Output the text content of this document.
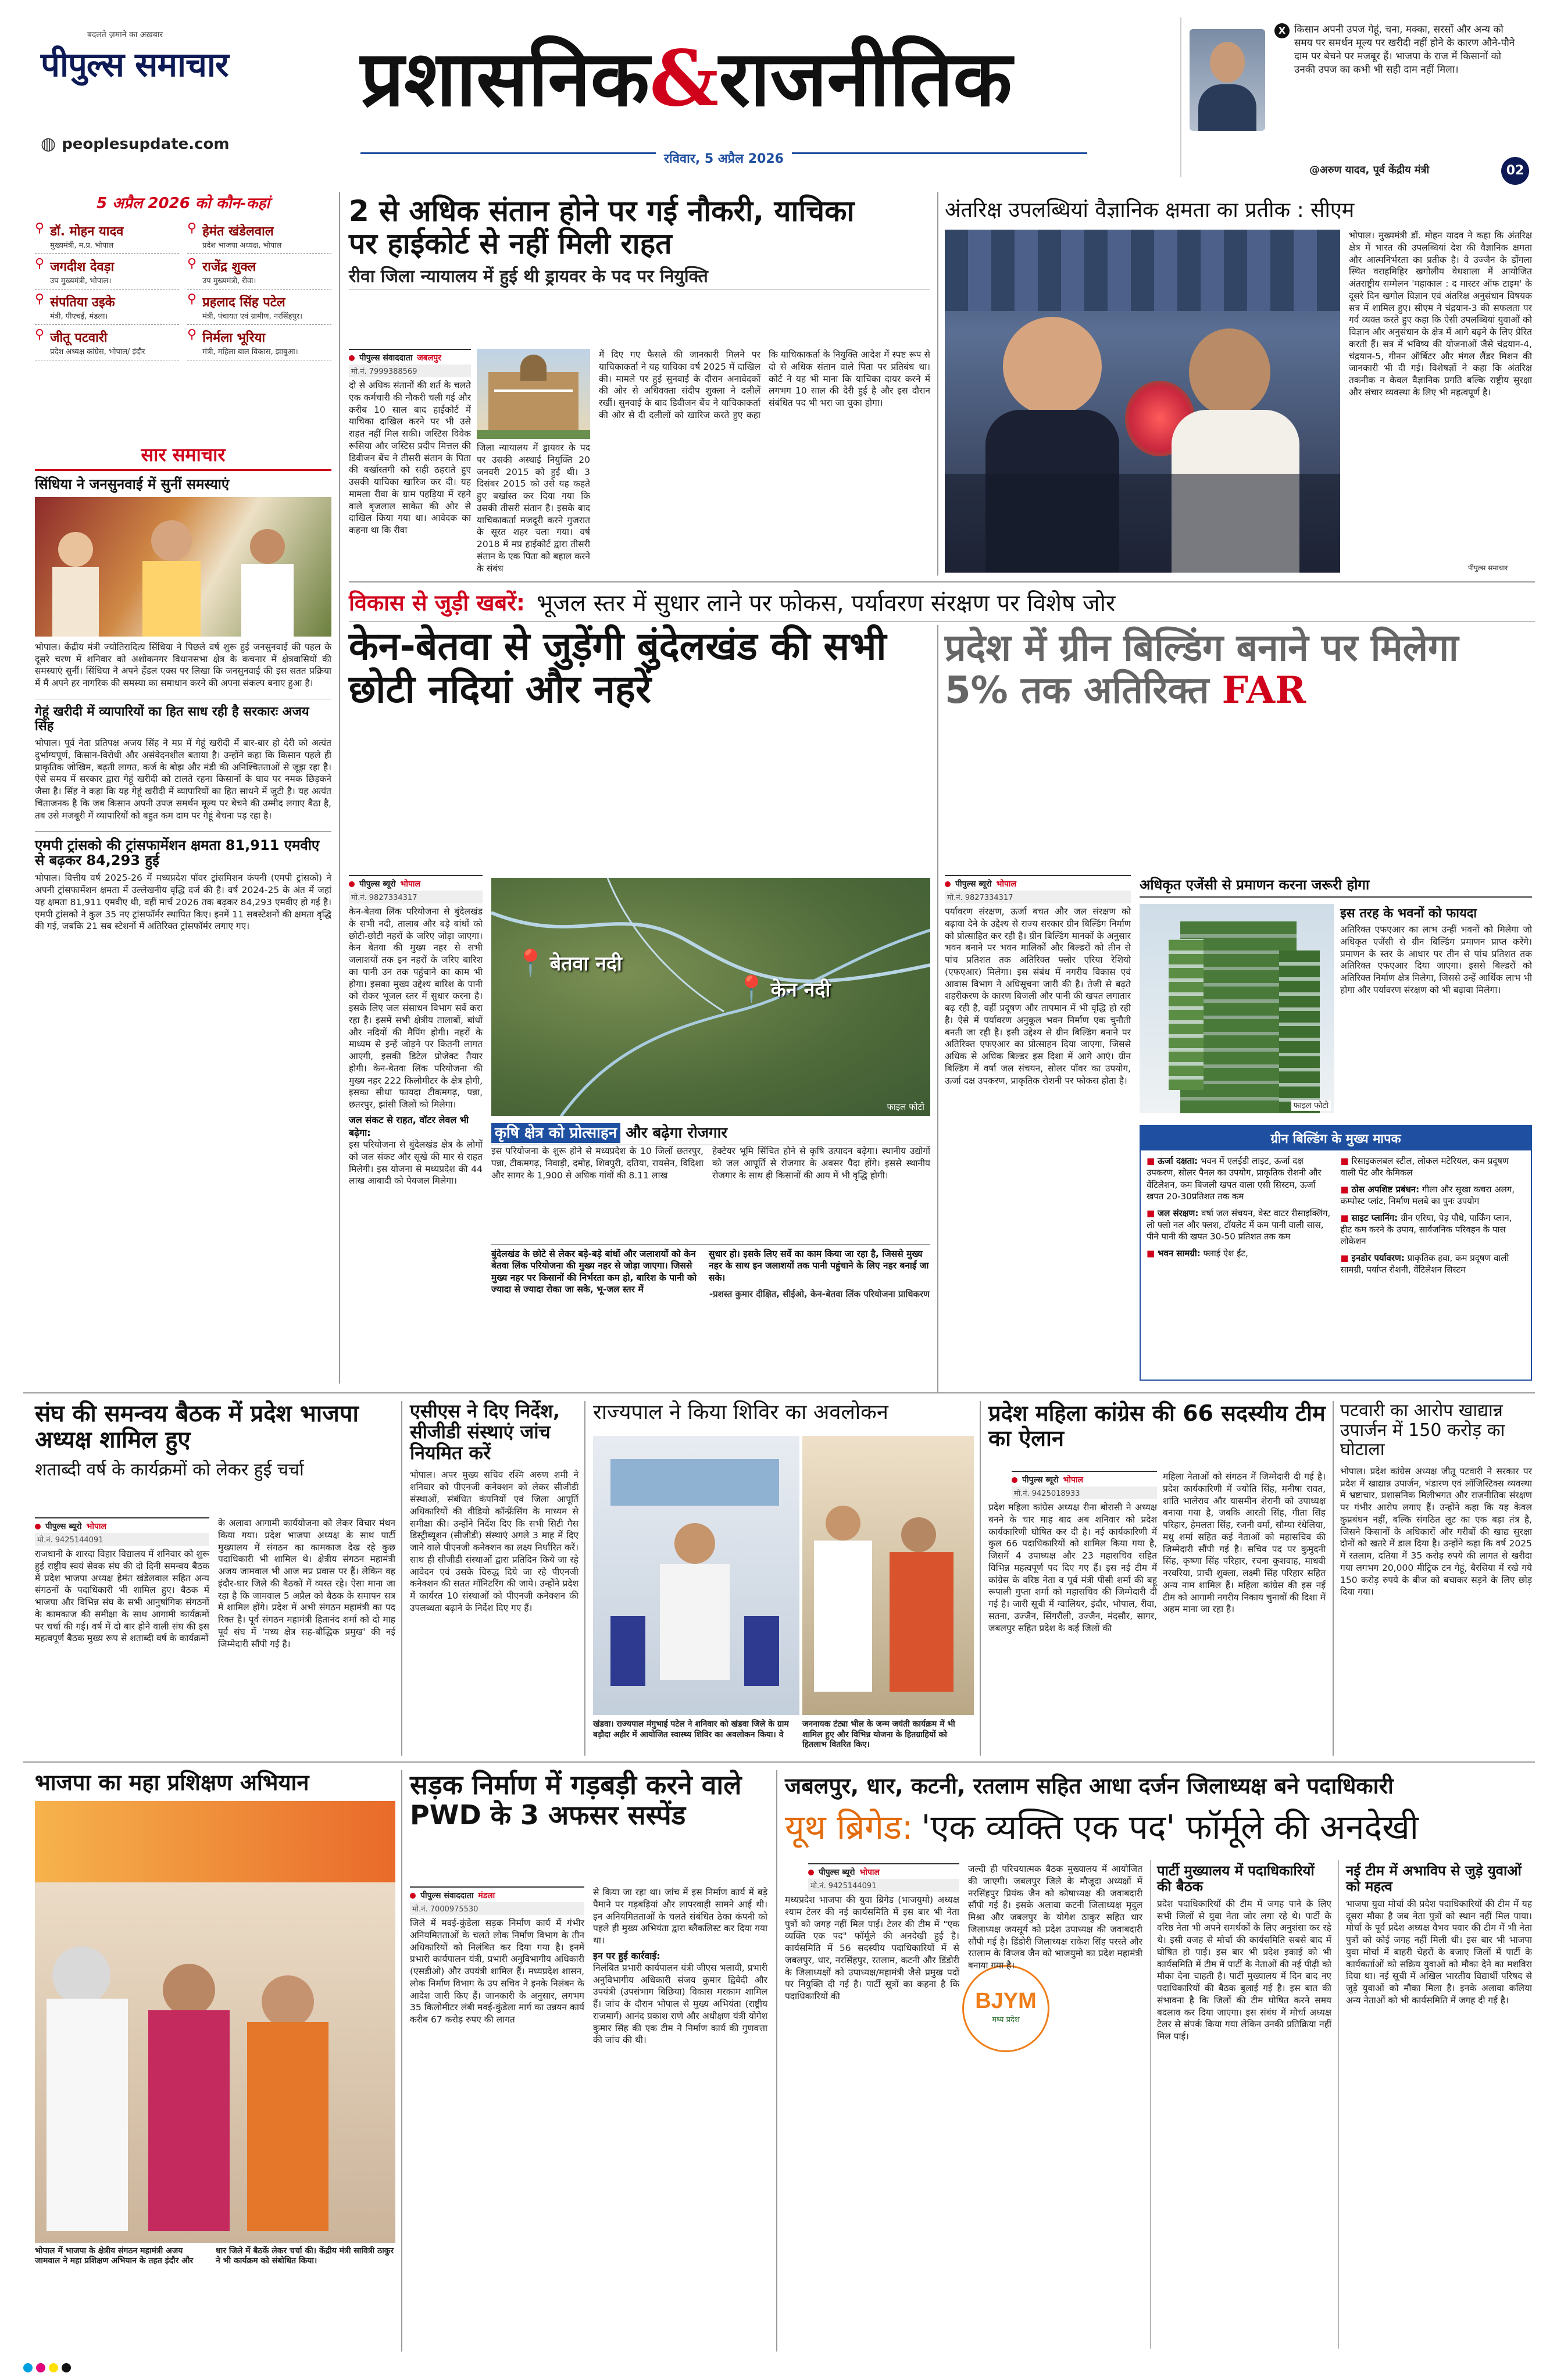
बदलते ज़माने का अख़बार
पीपुल्स समाचार
◍ peoplesupdate.com
प्रशासनिक&राजनीतिक
रविवार, 5 अप्रैल 2026
X किसान अपनी उपज गेहूं, चना, मक्का, सरसों और अन्य को समय पर समर्थन मूल्य पर खरीदी नहीं होने के कारण औने-पौने दाम पर बेचने पर मजबूर हैं। भाजपा के राज में किसानों को उनकी उपज का कभी भी सही दाम नहीं मिला।
@अरुण यादव, पूर्व केंद्रीय मंत्री	02
5 अप्रैल 2026 को कौन-कहां
⚲ डॉ. मोहन यादव
मुख्यमंत्री, म.प्र. भोपाल
⚲ हेमंत खंडेलवाल
प्रदेश भाजपा अध्यक्ष, भोपाल
⚲ जगदीश देवड़ा
उप मुख्यमंत्री, भोपाल।
⚲ राजेंद्र शुक्ल
उप मुख्यमंत्री, रीवा।
⚲ संपतिया उइके
मंत्री, पीएचई, मंडला।
⚲ प्रहलाद सिंह पटेल
मंत्री, पंचायत एवं ग्रामीण, नरसिंहपुर।
⚲ जीतू पटवारी
प्रदेश अध्यक्ष कांग्रेस, भोपाल/ इंदौर
⚲ निर्मला भूरिया
मंत्री, महिला बाल विकास, झाबुआ।
सार समाचार
सिंधिया ने जनसुनवाई में सुनीं समस्याएं
भोपाल। केंद्रीय मंत्री ज्योतिरादित्य सिंधिया ने पिछले वर्ष शुरू हुई जनसुनवाई की पहल के दूसरे चरण में शनिवार को अशोकनगर विधानसभा क्षेत्र के कचनार में क्षेत्रवासियों की समस्याएं सुनीं। सिंधिया ने अपने हेंडल एक्स पर लिखा कि जनसुनवाई की इस सतत प्रक्रिया में मैं अपने हर नागरिक की समस्या का समाधान करने की अपना संकल्प बनाए हुआ है।
गेहूं खरीदी में व्यापारियों का हित साध रही है सरकारः अजय सिंह
भोपाल। पूर्व नेता प्रतिपक्ष अजय सिंह ने मप्र में गेहूं खरीदी में बार-बार हो देरी को अत्यंत दुर्भाग्यपूर्ण, किसान-विरोधी और असंवेदनशील बताया है। उन्होंने कहा कि किसान पहले ही प्राकृतिक जोखिम, बढ़ती लागत, कर्ज के बोझ और मंडी की अनिश्चितताओं से जूझ रहा है। ऐसे समय में सरकार द्वारा गेहूं खरीदी को टालते रहना किसानों के घाव पर नमक छिड़कने जैसा है। सिंह ने कहा कि यह गेहूं खरीदी में व्यापारियों का हित साधने में जुटी है। यह अत्यंत चिंताजनक है कि जब किसान अपनी उपज समर्थन मूल्य पर बेचने की उम्मीद लगाए बैठा है, तब उसे मजबूरी में व्यापारियों को बहुत कम दाम पर गेहूं बेचना पड़ रहा है।
एमपी ट्रांसको की ट्रांसफार्मेशन क्षमता 81,911 एमवीए से बढ़कर 84,293 हुई
भोपाल। वित्तीय वर्ष 2025-26 में मध्यप्रदेश पॉवर ट्रांसमिशन कंपनी (एमपी ट्रांसको) ने अपनी ट्रांसफार्मेशन क्षमता में उल्लेखनीय वृद्धि दर्ज की है। वर्ष 2024-25 के अंत में जहां यह क्षमता 81,911 एमवीए थी, वहीं मार्च 2026 तक बढ़कर 84,293 एमवीए हो गई है। एमपी ट्रांसको ने कुल 35 नए ट्रांसफॉर्मर स्थापित किए। इनमें 11 सबस्टेशनों की क्षमता वृद्धि की गई, जबकि 21 सब स्टेशनों में अतिरिक्त ट्रांसफॉर्मर लगाए गए।
2 से अधिक संतान होने पर गई नौकरी, याचिका पर हाईकोर्ट से नहीं मिली राहत
रीवा जिला न्यायालय में हुई थी ड्रायवर के पद पर नियुक्ति
पीपुल्स संवाददाता जबलपुर
मो.नं. 7999388569
दो से अधिक संतानों की शर्त के चलते एक कर्मचारी की नौकरी चली गई और करीब 10 साल बाद हाईकोर्ट में याचिका दाखिल करने पर भी उसे राहत नहीं मिल सकी। जस्टिस विवेक रूसिया और जस्टिस प्रदीप मित्तल की डिवीजन बेंच ने तीसरी संतान के पिता की बर्खास्तगी को सही ठहराते हुए उसकी याचिका खारिज कर दी। यह मामला रीवा के ग्राम पहड़िया में रहने वाले बृजलाल साकेत की ओर से दाखिल किया गया था। आवेदक का कहना था कि रीवा
जिला न्यायालय में ड्रायवर के पद पर उसकी अस्थाई नियुक्ति 20 जनवरी 2015 को हुई थी। 3 दिसंबर 2015 को उसे यह कहते हुए बर्खास्त कर दिया गया कि उसकी तीसरी संतान है। इसके बाद याचिकाकर्ता मजदूरी करने गुजरात के सूरत शहर चला गया। वर्ष 2018 में मप्र हाईकोर्ट द्वारा तीसरी संतान के एक पिता को बहाल करने के संबंध
में दिए गए फैसले की जानकारी मिलने पर याचिकाकर्ता ने यह याचिका वर्ष 2025 में दाखिल की। मामले पर हुई सुनवाई के दौरान अनावेदकों की ओर से अधिवक्ता संदीप शुक्ला ने दलीलें रखीं। सुनवाई के बाद डिवीजन बेंच ने याचिकाकर्ता की ओर से दी दलीलों को खारिज करते हुए कहा कि याचिकाकर्ता के नियुक्ति आदेश में स्पष्ट रूप से दो से अधिक संतान वाले पिता पर प्रतिबंध था। कोर्ट ने यह भी माना कि याचिका दायर करने में लगभग 10 साल की देरी हुई है और इस दौरान संबंधित पद भी भरा जा चुका होगा।
अंतरिक्ष उपलब्धियां वैज्ञानिक क्षमता का प्रतीक : सीएम
भोपाल। मुख्यमंत्री डॉ. मोहन यादव ने कहा कि अंतरिक्ष क्षेत्र में भारत की उपलब्धियां देश की वैज्ञानिक क्षमता और आत्मनिर्भरता का प्रतीक है। वे उज्जैन के डोंगला स्थित वराहमिहिर खगोलीय वेधशाला में आयोजित अंतराष्ट्रीय सम्मेलन 'महाकाल : द मास्टर ऑफ टाइम' के दूसरे दिन खगोल विज्ञान एवं अंतरिक्ष अनुसंधान विषयक सत्र में शामिल हुए। सीएम ने चंद्रयान-3 की सफलता पर गर्व व्यक्त करते हुए कहा कि ऐसी उपलब्धियां युवाओं को विज्ञान और अनुसंधान के क्षेत्र में आगे बढ़ने के लिए प्रेरित करती हैं। सत्र में भविष्य की योजनाओं जैसे चंद्रयान-4, चंद्रयान-5, गीनन ऑर्बिटर और मंगल लैंडर मिशन की जानकारी भी दी गई। विशेषज्ञों ने कहा कि अंतरिक्ष तकनीक न केवल वैज्ञानिक प्रगति बल्कि राष्ट्रीय सुरक्षा और संचार व्यवस्था के लिए भी महत्वपूर्ण है।
पीपुल्स समाचार
विकास से जुड़ी खबरें: भूजल स्तर में सुधार लाने पर फोकस, पर्यावरण संरक्षण पर विशेष जोर
केन-बेतवा से जुड़ेंगी बुंदेलखंड की सभी छोटी नदियां और नहरें
पीपुल्स ब्यूरो भोपाल
मो.नं. 9827334317
केन-बेतवा लिंक परियोजना से बुंदेलखंड के सभी नदी, तालाब और बड़े बांधों को छोटी-छोटी नहरों के जरिए जोड़ा जाएगा। केन बेतवा की मुख्य नहर से सभी जलाशयों तक इन नहरों के जरिए बारिश का पानी उन तक पहुंचाने का काम भी होगा। इसका मुख्य उद्देश्य बारिश के पानी को रोकर भूजल स्तर में सुधार करना है। इसके लिए जल संसाधन विभाग सर्वे करा रहा है। इसमें सभी क्षेत्रीय तालाबों, बांधों और नदियों की मैपिंग होगी। नहरों के माध्यम से इन्हें जोड़ने पर कितनी लागत आएगी, इसकी डिटेल प्रोजेक्ट तैयार होगी। केन-बेतवा लिंक परियोजना की मुख्य नहर 222 किलोमीटर के क्षेत्र होगी, इसका सीधा फायदा टीकमगढ़, पन्ना, छतरपुर, झांसी जिलों को मिलेगा।
जल संकट से राहत, वॉटर लेवल भी बढ़ेगा:
इस परियोजना से बुंदेलखंड क्षेत्र के लोगों को जल संकट और सूखे की मार से राहत मिलेगी। इस योजना से मध्यप्रदेश की 44 लाख आबादी को पेयजल मिलेगा।
📍 बेतवा नदी
📍 केन नदी
फाइल फोटो
कृषि क्षेत्र को प्रोत्साहन और बढ़ेगा रोजगार
इस परियोजना के शुरू होने से मध्यप्रदेश के 10 जिलों छतरपुर, पन्ना, टीकमगढ़, निवाड़ी, दमोह, शिवपुरी, दतिया, रायसेन, विदिशा और सागर के 1,900 से अधिक गांवों की 8.11 लाख
हेक्टेयर भूमि सिंचित होने से कृषि उत्पादन बढ़ेगा। स्थानीय उद्योगों को जल आपूर्ति से रोजगार के अवसर पैदा होंगे। इससे स्थानीय रोजगार के साथ ही किसानों की आय में भी वृद्धि होगी।
बुंदेलखंड के छोटे से लेकर बड़े-बड़े बांधों और जलाशयों को केन बेतवा लिंक परियोजना की मुख्य नहर से जोड़ा जाएगा। जिससे मुख्य नहर पर किसानों की निर्भरता कम हो, बारिश के पानी को ज्यादा से ज्यादा रोका जा सके, भू-जल स्तर में
सुधार हो। इसके लिए सर्वे का काम किया जा रहा है, जिससे मुख्य नहर के साथ इन जलाशयों तक पानी पहुंचाने के लिए नहर बनाई जा सके।
-प्रशस्त कुमार दीक्षित, सीईओ, केन-बेतवा लिंक परियोजना प्राधिकरण
प्रदेश में ग्रीन बिल्डिंग बनाने पर मिलेगा 5% तक अतिरिक्त FAR
पीपुल्स ब्यूरो भोपाल
मो.नं. 9827334317
पर्यावरण संरक्षण, ऊर्जा बचत और जल संरक्षण को बढ़ावा देने के उद्देश्य से राज्य सरकार ग्रीन बिल्डिंग निर्माण को प्रोत्साहित कर रही है। ग्रीन बिल्डिंग मानकों के अनुसार भवन बनाने पर भवन मालिकों और बिल्डरों को तीन से पांच प्रतिशत तक अतिरिक्त फ्लोर एरिया रेशियो (एफएआर) मिलेगा। इस संबंध में नगरीय विकास एवं आवास विभाग ने अधिसूचना जारी की है। तेजी से बढ़ते शहरीकरण के कारण बिजली और पानी की खपत लगातार बढ़ रही है, वहीं प्रदूषण और तापमान में भी वृद्धि हो रही है। ऐसे में पर्यावरण अनुकूल भवन निर्माण एक चुनौती बनती जा रही है। इसी उद्देश्य से ग्रीन बिल्डिंग बनाने पर अतिरिक्त एफएआर का प्रोत्साहन दिया जाएगा, जिससे अधिक से अधिक बिल्डर इस दिशा में आगे आएं। ग्रीन बिल्डिंग में वर्षा जल संचयन, सोलर पॉवर का उपयोग, ऊर्जा दक्ष उपकरण, प्राकृतिक रोशनी पर फोकस होता है।
अधिकृत एजेंसी से प्रमाणन करना जरूरी होगा
फाइल फोटो
इस तरह के भवनों को फायदा
अतिरिक्त एफएआर का लाभ उन्हीं भवनों को मिलेगा जो अधिकृत एजेंसी से ग्रीन बिल्डिंग प्रमाणन प्राप्त करेंगे। प्रमाणन के स्तर के आधार पर तीन से पांच प्रतिशत तक अतिरिक्त एफएआर दिया जाएगा। इससे बिल्डरों को अतिरिक्त निर्माण क्षेत्र मिलेगा, जिससे उन्हें आर्थिक लाभ भी होगा और पर्यावरण संरक्षण को भी बढ़ावा मिलेगा।
ग्रीन बिल्डिंग के मुख्य मापक
■ ऊर्जा दक्षता: भवन में एलईडी लाइट, ऊर्जा दक्ष उपकरण, सोलर पैनल का उपयोग, प्राकृतिक रोशनी और वेंटिलेशन, कम बिजली खपत वाला एसी सिस्टम, ऊर्जा खपत 20-30प्रतिशत तक कम
■ जल संरक्षण: वर्षा जल संचयन, वेस्ट वाटर रीसाइक्लिंग, लो फ्लो नल और फ्लश, टॉयलेट में कम पानी वाली सास, पीने पानी की खपत 30-50 प्रतिशत तक कम
■ भवन सामग्री: फ्लाई ऐश ईंट,
■ रिसाइकलबल स्टील, लोकल मटेरियल, कम प्रदूषण वाली पेंट और केमिकल
■ ठोस अपशिष्ट प्रबंधन: गीला और सूखा कचरा अलग, कम्पोस्ट प्लांट, निर्माण मलबे का पुनः उपयोग
■ साइट प्लानिंग: ग्रीन एरिया, पेड़ पौधे, पार्किंग प्लान, हीट कम करने के उपाय, सार्वजनिक परिवहन के पास लोकेशन
■ इनडोर पर्यावरण: प्राकृतिक हवा, कम प्रदूषण वाली सामग्री, पर्याप्त रोशनी, वेंटिलेशन सिस्टम
संघ की समन्वय बैठक में प्रदेश भाजपा अध्यक्ष शामिल हुए
शताब्दी वर्ष के कार्यक्रमों को लेकर हुई चर्चा
पीपुल्स ब्यूरो भोपाल
मो.नं. 9425144091
राजधानी के शारदा विहार विद्यालय में शनिवार को शुरू हुई राष्ट्रीय स्वयं सेवक संघ की दो दिनी समन्वय बैठक में प्रदेश भाजपा अध्यक्ष हेमंत खंडेलवाल सहित अन्य संगठनों के पदाधिकारी भी शामिल हुए। बैठक में भाजपा और विभिन्न संघ के सभी आनुषांगिक संगठनों के कामकाज की समीक्षा के साथ आगामी कार्यक्रमों पर चर्चा की गई। वर्ष में दो बार होने वाली संघ की इस महत्वपूर्ण बैठक मुख्य रूप से शताब्दी वर्ष के कार्यक्रमों
के अलावा आगामी कार्ययोजना को लेकर विचार मंथन किया गया। प्रदेश भाजपा अध्यक्ष के साथ पार्टी मुख्यालय में संगठन का कामकाज देख रहे कुछ पदाधिकारी भी शामिल थे। क्षेत्रीय संगठन महामंत्री अजय जामवाल भी आज मप्र प्रवास पर हैं। लेकिन वह इंदौर-धार जिले की बैठकों में व्यस्त रहे। ऐसा माना जा रहा है कि जामवाल 5 अप्रैल को बैठक के समापन सत्र में शामिल होंगे। प्रदेश में अभी संगठन महामंत्री का पद रिक्त है। पूर्व संगठन महामंत्री हितानंद शर्मा को दो माह पूर्व संघ में 'मध्य क्षेत्र सह-बौद्धिक प्रमुख' की नई जिम्मेदारी सौंपी गई है।
एसीएस ने दिए निर्देश, सीजीडी संस्थाएं जांच नियमित करें
भोपाल। अपर मुख्य सचिव रश्मि अरुण शमी ने शनिवार को पीएनजी कनेक्शन को लेकर सीजीडी संस्थाओं, संबंधित कंपनियों एवं जिला आपूर्ति अधिकारियों की वीडियो कॉन्फ्रेंसिंग के माध्यम से समीक्षा की। उन्होंने निर्देश दिए कि सभी सिटी गैस डिस्ट्रीब्यूशन (सीजीडी) संस्थाएं अगले 3 माह में दिए जाने वाले पीएनजी कनेक्शन का लक्ष्य निर्धारित करें। साथ ही सीजीडी संस्थाओं द्वारा प्रतिदिन किये जा रहे आवेदन एवं उसके विरुद्ध दिये जा रहे पीएनजी कनेक्शन की सतत मॉनिटरिंग की जाये। उन्होंने प्रदेश में कार्यरत 10 संस्थाओं को पीएनजी कनेक्शन की उपलब्धता बढ़ाने के निर्देश दिए गए हैं।
राज्यपाल ने किया शिविर का अवलोकन
खंडवा। राज्यपाल मंगुभाई पटेल ने शनिवार को खंडवा जिले के ग्राम बड़ौदा अहीर में आयोजित स्वास्थ्य शिविर का अवलोकन किया। वे
जननायक टंट्या भील के जन्म जयंती कार्यक्रम में भी शामिल हुए और विभिन्न योजना के हितग्राहियों को हितलाभ वितरित किए।
प्रदेश महिला कांग्रेस की 66 सदस्यीय टीम का ऐलान
पीपुल्स ब्यूरो भोपाल
मो.नं. 9425018933
प्रदेश महिला कांग्रेस अध्यक्ष रीना बोरासी ने अध्यक्ष बनने के चार माह बाद अब शनिवार को प्रदेश कार्यकारिणी घोषित कर दी है। नई कार्यकारिणी में कुल 66 पदाधिकारियों को शामिल किया गया है, जिसमें 4 उपाध्यक्ष और 23 महासचिव सहित विभिन्न महत्वपूर्ण पद दिए गए हैं। इस नई टीम में कांग्रेस के वरिष्ठ नेता व पूर्व मंत्री पीसी शर्मा की बहू रूपाली गुप्ता शर्मा को महासचिव की जिम्मेदारी दी गई है। जारी सूची में ग्वालियर, इंदौर, भोपाल, रीवा, सतना, उज्जैन, सिंगरौली, उज्जैन, मंदसौर, सागर, जबलपुर सहित प्रदेश के कई जिलों की
महिला नेताओं को संगठन में जिम्मेदारी दी गई है। प्रदेश कार्यकारिणी में ज्योति सिंह, मनीषा रावत, शांति भालेराव और यासमीन शेरानी को उपाध्यक्ष बनाया गया है, जबकि आरती सिंह, गीता सिंह परिहार, हेमलता सिंह, रजनी वर्मा, सौम्या रंधेलिया, मधु शर्मा सहित कई नेताओं को महासचिव की जिम्मेदारी सौंपी गई है। सचिव पद पर कुमुदनी सिंह, कृष्णा सिंह परिहार, रचना कुशवाह, माधवी नरवरिया, प्राची शुक्ला, लक्ष्मी सिंह परिहार सहित अन्य नाम शामिल हैं। महिला कांग्रेस की इस नई टीम को आगामी नगरीय निकाय चुनावों की दिशा में अहम माना जा रहा है।
पटवारी का आरोप खाद्यान्न उपार्जन में 150 करोड़ का घोटाला
भोपाल। प्रदेश कांग्रेस अध्यक्ष जीतू पटवारी ने सरकार पर प्रदेश में खाद्यान्न उपार्जन, भंडारण एवं लॉजिस्टिक्स व्यवस्था में भ्रष्टाचार, प्रशासनिक मिलीभगत और राजनीतिक संरक्षण पर गंभीर आरोप लगाए हैं। उन्होंने कहा कि यह केवल कुप्रबंधन नहीं, बल्कि संगठित लूट का एक बड़ा तंत्र है, जिसने किसानों के अधिकारों और गरीबों की खाद्य सुरक्षा दोनों को खतरे में डाल दिया है। उन्होंने कहा कि वर्ष 2025 में रतलाम, दतिया में 35 करोड़ रुपये की लागत से खरीदा गया लगभग 20,000 मीट्रिक टन गेहूं, बैरसिया में रखे गये 150 करोड़ रुपये के बीज को बचाकर सड़ने के लिए छोड़ दिया गया।
भाजपा का महा प्रशिक्षण अभियान
भोपाल में भाजपा के क्षेत्रीय संगठन महामंत्री अजय जामवाल ने महा प्रशिक्षण अभियान के तहत इंदौर और
धार जिले में बैठकें लेकर चर्चा की। केंद्रीय मंत्री सावित्री ठाकुर ने भी कार्यक्रम को संबोधित किया।
सड़क निर्माण में गड़बड़ी करने वाले PWD के 3 अफसर सस्पेंड
पीपुल्स संवाददाता मंडला
मो.नं. 7000975530
जिले में मवई-कुंडेला सड़क निर्माण कार्य में गंभीर अनियमितताओं के चलते लोक निर्माण विभाग के तीन अधिकारियों को निलंबित कर दिया गया है। इनमें प्रभारी कार्यपालन यंत्री, प्रभारी अनुविभागीय अधिकारी (एसडीओ) और उपयंत्री शामिल हैं। मध्यप्रदेश शासन, लोक निर्माण विभाग के उप सचिव ने इनके निलंबन के आदेश जारी किए हैं। जानकारी के अनुसार, लगभग 35 किलोमीटर लंबी मवई-कुंडेला मार्ग का उन्नयन कार्य करीब 67 करोड़ रुपए की लागत
से किया जा रहा था। जांच में इस निर्माण कार्य में बड़े पैमाने पर गड़बड़ियां और लापरवाही सामने आई थी। इन अनियमितताओं के चलते संबंधित ठेका कंपनी को पहले ही मुख्य अभियंता द्वारा ब्लैकलिस्ट कर दिया गया था।
इन पर हुई कार्रवाई:
निलंबित प्रभारी कार्यपालन यंत्री जीएस भलावी, प्रभारी अनुविभागीय अधिकारी संजय कुमार द्विवेदी और उपयंत्री (उपसंभाग बिछिया) विकास मरकाम शामिल हैं। जांच के दौरान भोपाल से मुख्य अभियंता (राष्ट्रीय राजमार्ग) आनंद प्रकाश राणे और अधीक्षण यंत्री योगेश कुमार सिंह की एक टीम ने निर्माण कार्य की गुणवत्ता की जांच की थी।
जबलपुर, धार, कटनी, रतलाम सहित आधा दर्जन जिलाध्यक्ष बने पदाधिकारी
यूथ ब्रिगेड: 'एक व्यक्ति एक पद' फॉर्मूले की अनदेखी
पीपुल्स ब्यूरो भोपाल
मो.नं. 9425144091
मध्यप्रदेश भाजपा की युवा ब्रिगेड (भाजयुमो) अध्यक्ष श्याम टेलर की नई कार्यसमिति में इस बार भी नेता पुत्रों को जगह नहीं मिल पाई। टेलर की टीम में "एक व्यक्ति एक पद" फॉर्मूले की अनदेखी हुई है। कार्यसमिति में 56 सदस्यीय पदाधिकारियों में से जबलपुर, धार, नरसिंहपुर, रतलाम, कटनी और डिंडोरी के जिलाध्यक्षों को उपाध्यक्ष/महामंत्री जैसे प्रमुख पदों पर नियुक्ति दी गई है। पार्टी सूत्रों का कहना है कि पदाधिकारियों की	BJYM
मध्य प्रदेश
जल्दी ही परिचयात्मक बैठक मुख्यालय में आयोजित की जाएगी। जबलपुर जिले के मौजूदा अध्यक्षों में नरसिंहपुर प्रियंक जैन को कोषाध्यक्ष की जवाबदारी सौंपी गई है। इसके अलावा कटनी जिलाध्यक्ष मृदुल मिश्रा और जबलपुर के योगेश ठाकुर सहित धार जिलाध्यक्ष जयसूर्य को प्रदेश उपाध्यक्ष की जवाबदारी सौंपी गई है। डिंडोरी जिलाध्यक्ष राकेश सिंह परस्ते और रतलाम के विप्लव जैन को भाजयुमो का प्रदेश महामंत्री बनाया गया है।
पार्टी मुख्यालय में पदाधिकारियों की बैठक
प्रदेश पदाधिकारियों की टीम में जगह पाने के लिए सभी जिलों से युवा नेता जोर लगा रहे थे। पार्टी के वरिष्ठ नेता भी अपने समर्थकों के लिए अनुशंसा कर रहे थे। इसी वजह से मोर्चा की कार्यसमिति सबसे बाद में घोषित हो पाई। इस बार भी प्रदेश इकाई को भी कार्यसमिति में टीम में पार्टी के नेताओं की नई पीढ़ी को मौका देना चाहती है। पार्टी मुख्यालय में दिन बाद नए पदाधिकारियों की बैठक बुलाई गई है। इस बात की संभावना है कि जिलों की टीम घोषित करने समय बदलाव कर दिया जाएगा। इस संबंध में मोर्चा अध्यक्ष टेलर से संपर्क किया गया लेकिन उनकी प्रतिक्रिया नहीं मिल पाई।
नई टीम में अभाविप से जुड़े युवाओं को महत्व
भाजपा युवा मोर्चा की प्रदेश पदाधिकारियों की टीम में यह दूसरा मौका है जब नेता पुत्रों को स्थान नहीं मिल पाया। मोर्चा के पूर्व प्रदेश अध्यक्ष वैभव पवार की टीम में भी नेता पुत्रों को कोई जगह नहीं मिली थी। इस बार भी भाजपा युवा मोर्चा में बाहरी चेहरों के बजाए जिलों में पार्टी के कार्यकर्ताओं को सक्रिय युवाओं को मौका देने का मशविरा दिया था। नई सूची में अखिल भारतीय विद्यार्थी परिषद से जुड़े युवाओं को मौका मिला है। इनके अलावा कलिया अन्य नेताओं को भी कार्यसमिति में जगह दी गई है।
